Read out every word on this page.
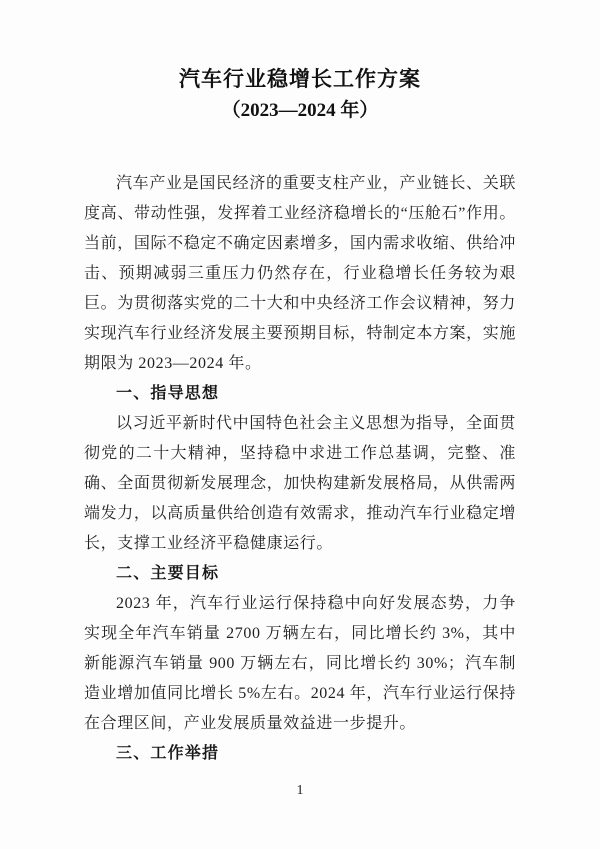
汽车行业稳增长工作方案
（2023—2024 年）

汽车产业是国民经济的重要支柱产业，产业链长、关联度高、带动性强，发挥着工业经济稳增长的“压舱石”作用。当前，国际不稳定不确定因素增多，国内需求收缩、供给冲击、预期减弱三重压力仍然存在，行业稳增长任务较为艰巨。为贯彻落实党的二十大和中央经济工作会议精神，努力实现汽车行业经济发展主要预期目标，特制定本方案，实施期限为 2023—2024 年。

一、指导思想

以习近平新时代中国特色社会主义思想为指导，全面贯彻党的二十大精神，坚持稳中求进工作总基调，完整、准确、全面贯彻新发展理念，加快构建新发展格局，从供需两端发力，以高质量供给创造有效需求，推动汽车行业稳定增长，支撑工业经济平稳健康运行。

二、主要目标

2023 年，汽车行业运行保持稳中向好发展态势，力争实现全年汽车销量 2700 万辆左右，同比增长约 3%，其中新能源汽车销量 900 万辆左右，同比增长约 30%；汽车制造业增加值同比增长 5%左右。2024 年，汽车行业运行保持在合理区间，产业发展质量效益进一步提升。

三、工作举措
1
